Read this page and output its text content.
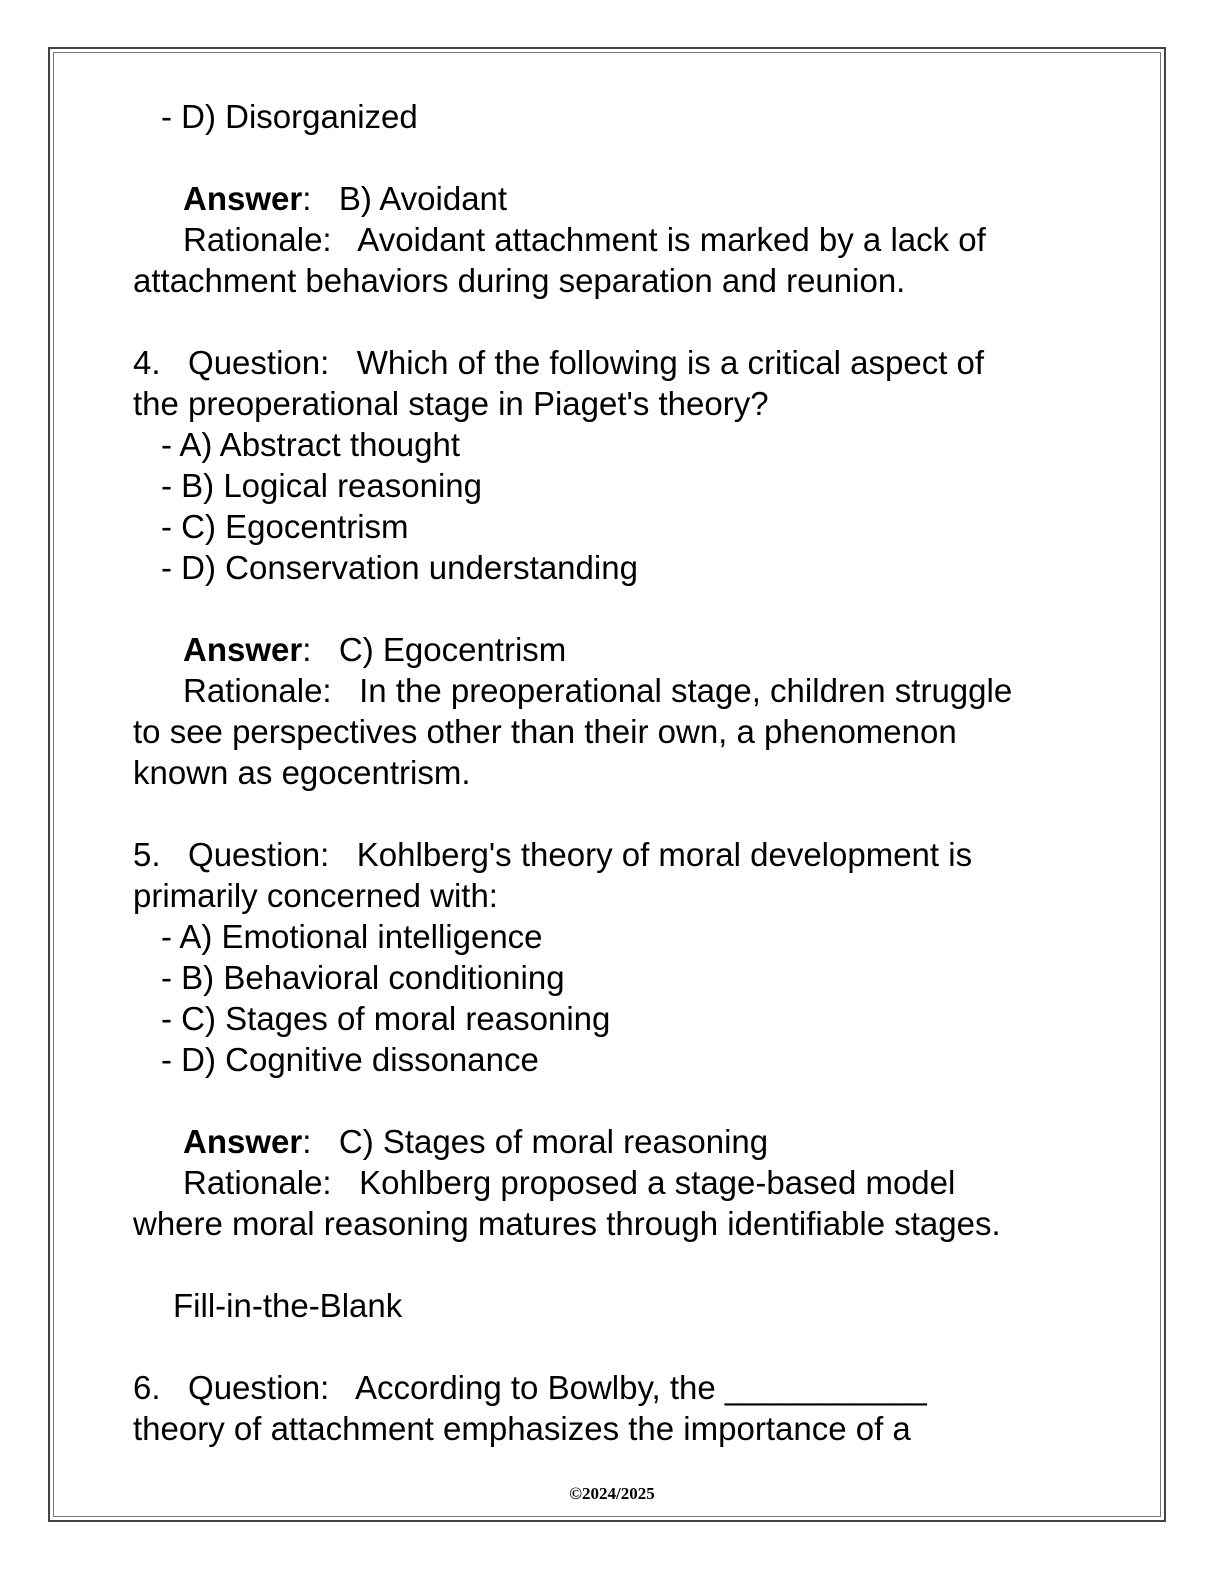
- D) Disorganized
Answer:   B) Avoidant
Rationale:   Avoidant attachment is marked by a lack of
attachment behaviors during separation and reunion.
4.   Question:   Which of the following is a critical aspect of
the preoperational stage in Piaget's theory?
- A) Abstract thought
- B) Logical reasoning
- C) Egocentrism
- D) Conservation understanding
Answer:   C) Egocentrism
Rationale:   In the preoperational stage, children struggle
to see perspectives other than their own, a phenomenon
known as egocentrism.
5.   Question:   Kohlberg's theory of moral development is
primarily concerned with:
- A) Emotional intelligence
- B) Behavioral conditioning
- C) Stages of moral reasoning
- D) Cognitive dissonance
Answer:   C) Stages of moral reasoning
Rationale:   Kohlberg proposed a stage-based model
where moral reasoning matures through identifiable stages.
Fill-in-the-Blank
6.   Question:   According to Bowlby, the ___________
theory of attachment emphasizes the importance of a
©2024/2025
